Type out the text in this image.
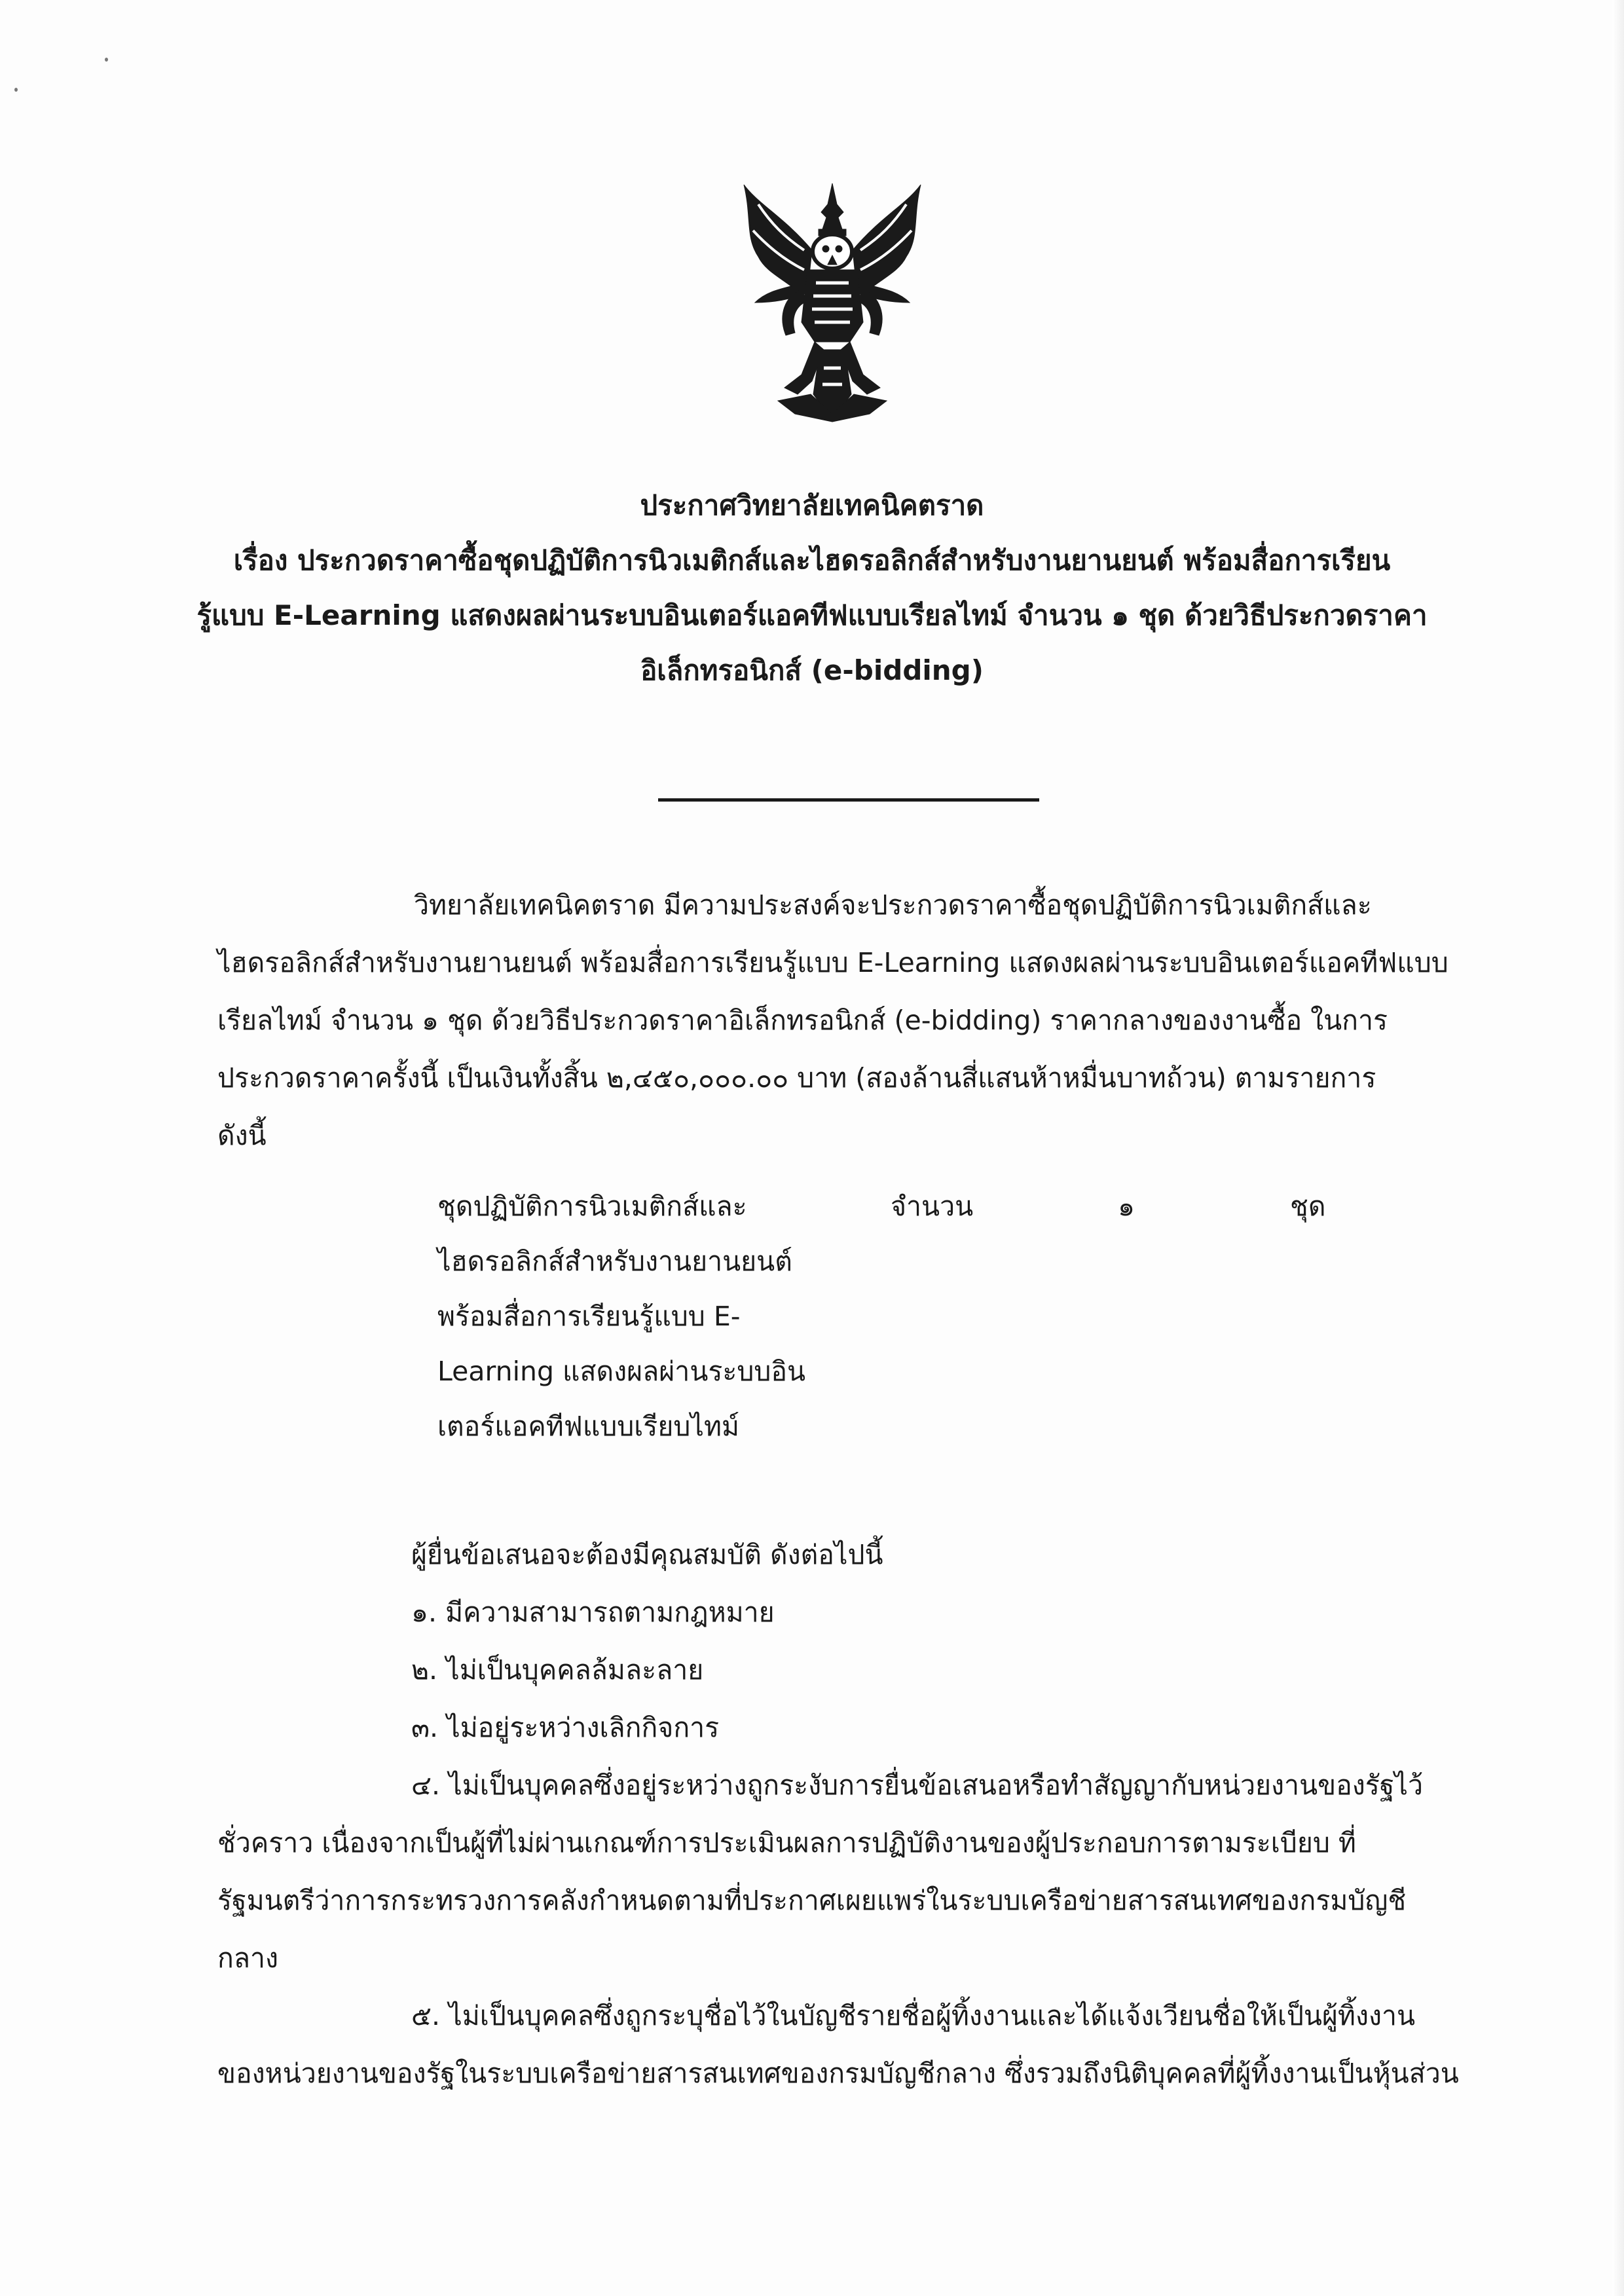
ประกาศวิทยาลัยเทคนิคตราด
เรื่อง ประกวดราคาซื้อชุดปฏิบัติการนิวเมติกส์และไฮดรอลิกส์สำหรับงานยานยนต์ พร้อมสื่อการเรียน
รู้แบบ E-Learning แสดงผลผ่านระบบอินเตอร์แอคทีฟแบบเรียลไทม์ จำนวน ๑ ชุด ด้วยวิธีประกวดราคา
อิเล็กทรอนิกส์ (e-bidding)
วิทยาลัยเทคนิคตราด มีความประสงค์จะประกวดราคาซื้อชุดปฏิบัติการนิวเมติกส์และ
ไฮดรอลิกส์สำหรับงานยานยนต์ พร้อมสื่อการเรียนรู้แบบ E-Learning แสดงผลผ่านระบบอินเตอร์แอคทีฟแบบ
เรียลไทม์ จำนวน ๑ ชุด ด้วยวิธีประกวดราคาอิเล็กทรอนิกส์ (e-bidding) ราคากลางของงานซื้อ ในการ
ประกวดราคาครั้งนี้ เป็นเงินทั้งสิ้น ๒,๔๕๐,๐๐๐.๐๐ บาท (สองล้านสี่แสนห้าหมื่นบาทถ้วน) ตามรายการ
ดังนี้
ชุดปฏิบัติการนิวเมติกส์และ
ไฮดรอลิกส์สำหรับงานยานยนต์
พร้อมสื่อการเรียนรู้แบบ E-
Learning แสดงผลผ่านระบบอิน
เตอร์แอคทีฟแบบเรียบไทม์
จำนวน	๑	ชุด
ผู้ยื่นข้อเสนอจะต้องมีคุณสมบัติ ดังต่อไปนี้
๑. มีความสามารถตามกฎหมาย
๒. ไม่เป็นบุคคลล้มละลาย
๓. ไม่อยู่ระหว่างเลิกกิจการ
๔. ไม่เป็นบุคคลซึ่งอยู่ระหว่างถูกระงับการยื่นข้อเสนอหรือทำสัญญากับหน่วยงานของรัฐไว้
ชั่วคราว เนื่องจากเป็นผู้ที่ไม่ผ่านเกณฑ์การประเมินผลการปฏิบัติงานของผู้ประกอบการตามระเบียบ ที่
รัฐมนตรีว่าการกระทรวงการคลังกำหนดตามที่ประกาศเผยแพร่ในระบบเครือข่ายสารสนเทศของกรมบัญชี
กลาง
๕. ไม่เป็นบุคคลซึ่งถูกระบุชื่อไว้ในบัญชีรายชื่อผู้ทิ้งงานและได้แจ้งเวียนชื่อให้เป็นผู้ทิ้งงาน
ของหน่วยงานของรัฐในระบบเครือข่ายสารสนเทศของกรมบัญชีกลาง ซึ่งรวมถึงนิติบุคคลที่ผู้ทิ้งงานเป็นหุ้นส่วน
